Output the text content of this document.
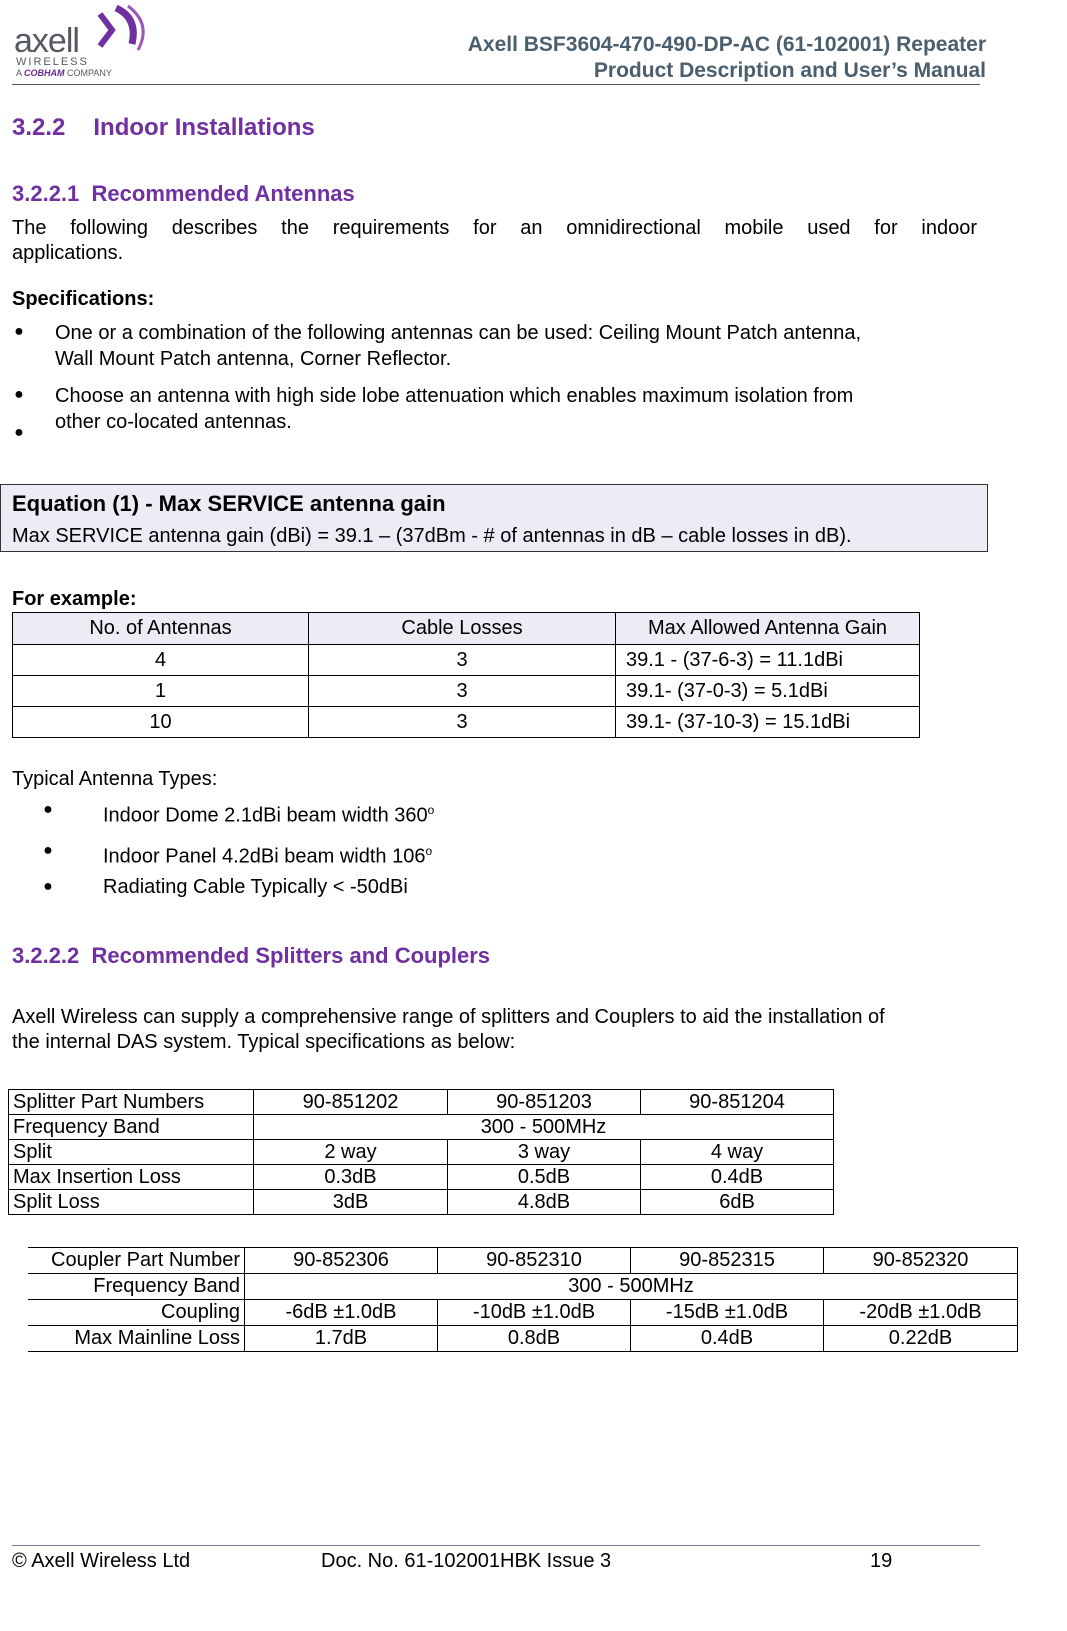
axell
WIRELESS
A COBHAM COMPANY
Axell BSF3604-470-490-DP-AC (61-102001) Repeater
Product Description and User’s Manual
3.2.2 Indoor Installations
3.2.2.1 Recommended Antennas
The following describes the requirements for an omnidirectional mobile used for indoor
applications.
Specifications:
● One or a combination of the following antennas can be used: Ceiling Mount Patch antenna,
Wall Mount Patch antenna, Corner Reflector.
● Choose an antenna with high side lobe attenuation which enables maximum isolation from
other co-located antennas.
●
Equation (1) - Max SERVICE antenna gain
Max SERVICE antenna gain (dBi) = 39.1 – (37dBm - # of antennas in dB – cable losses in dB).
For example:
No. of Antennas	Cable Losses	Max Allowed Antenna Gain
4	3	39.1 - (37-6-3) = 11.1dBi
1	3	39.1- (37-0-3) = 5.1dBi
10	3	39.1- (37-10-3) = 15.1dBi
Typical Antenna Types:
●	Indoor Dome 2.1dBi beam width 360$^o$
●	Indoor Panel 4.2dBi beam width 106$^o$
●	Radiating Cable Typically < -50dBi
3.2.2.2 Recommended Splitters and Couplers
Axell Wireless can supply a comprehensive range of splitters and Couplers to aid the installation of
the internal DAS system. Typical specifications as below:
Splitter Part Numbers	90-851202	90-851203	90-851204
Frequency Band	300 - 500MHz		
Split	2 way	3 way	4 way
Max Insertion Loss	0.3dB	0.5dB	0.4dB
Split Loss	3dB	4.8dB	6dB
Coupler Part Number	90-852306	90-852310	90-852315	90-852320
Frequency Band	300 - 500MHz			
Coupling	-6dB ±1.0dB	-10dB ±1.0dB	-15dB ±1.0dB	-20dB ±1.0dB
Max Mainline Loss	1.7dB	0.8dB	0.4dB	0.22dB
© Axell Wireless Ltd	Doc. No. 61-102001HBK Issue 3	19
